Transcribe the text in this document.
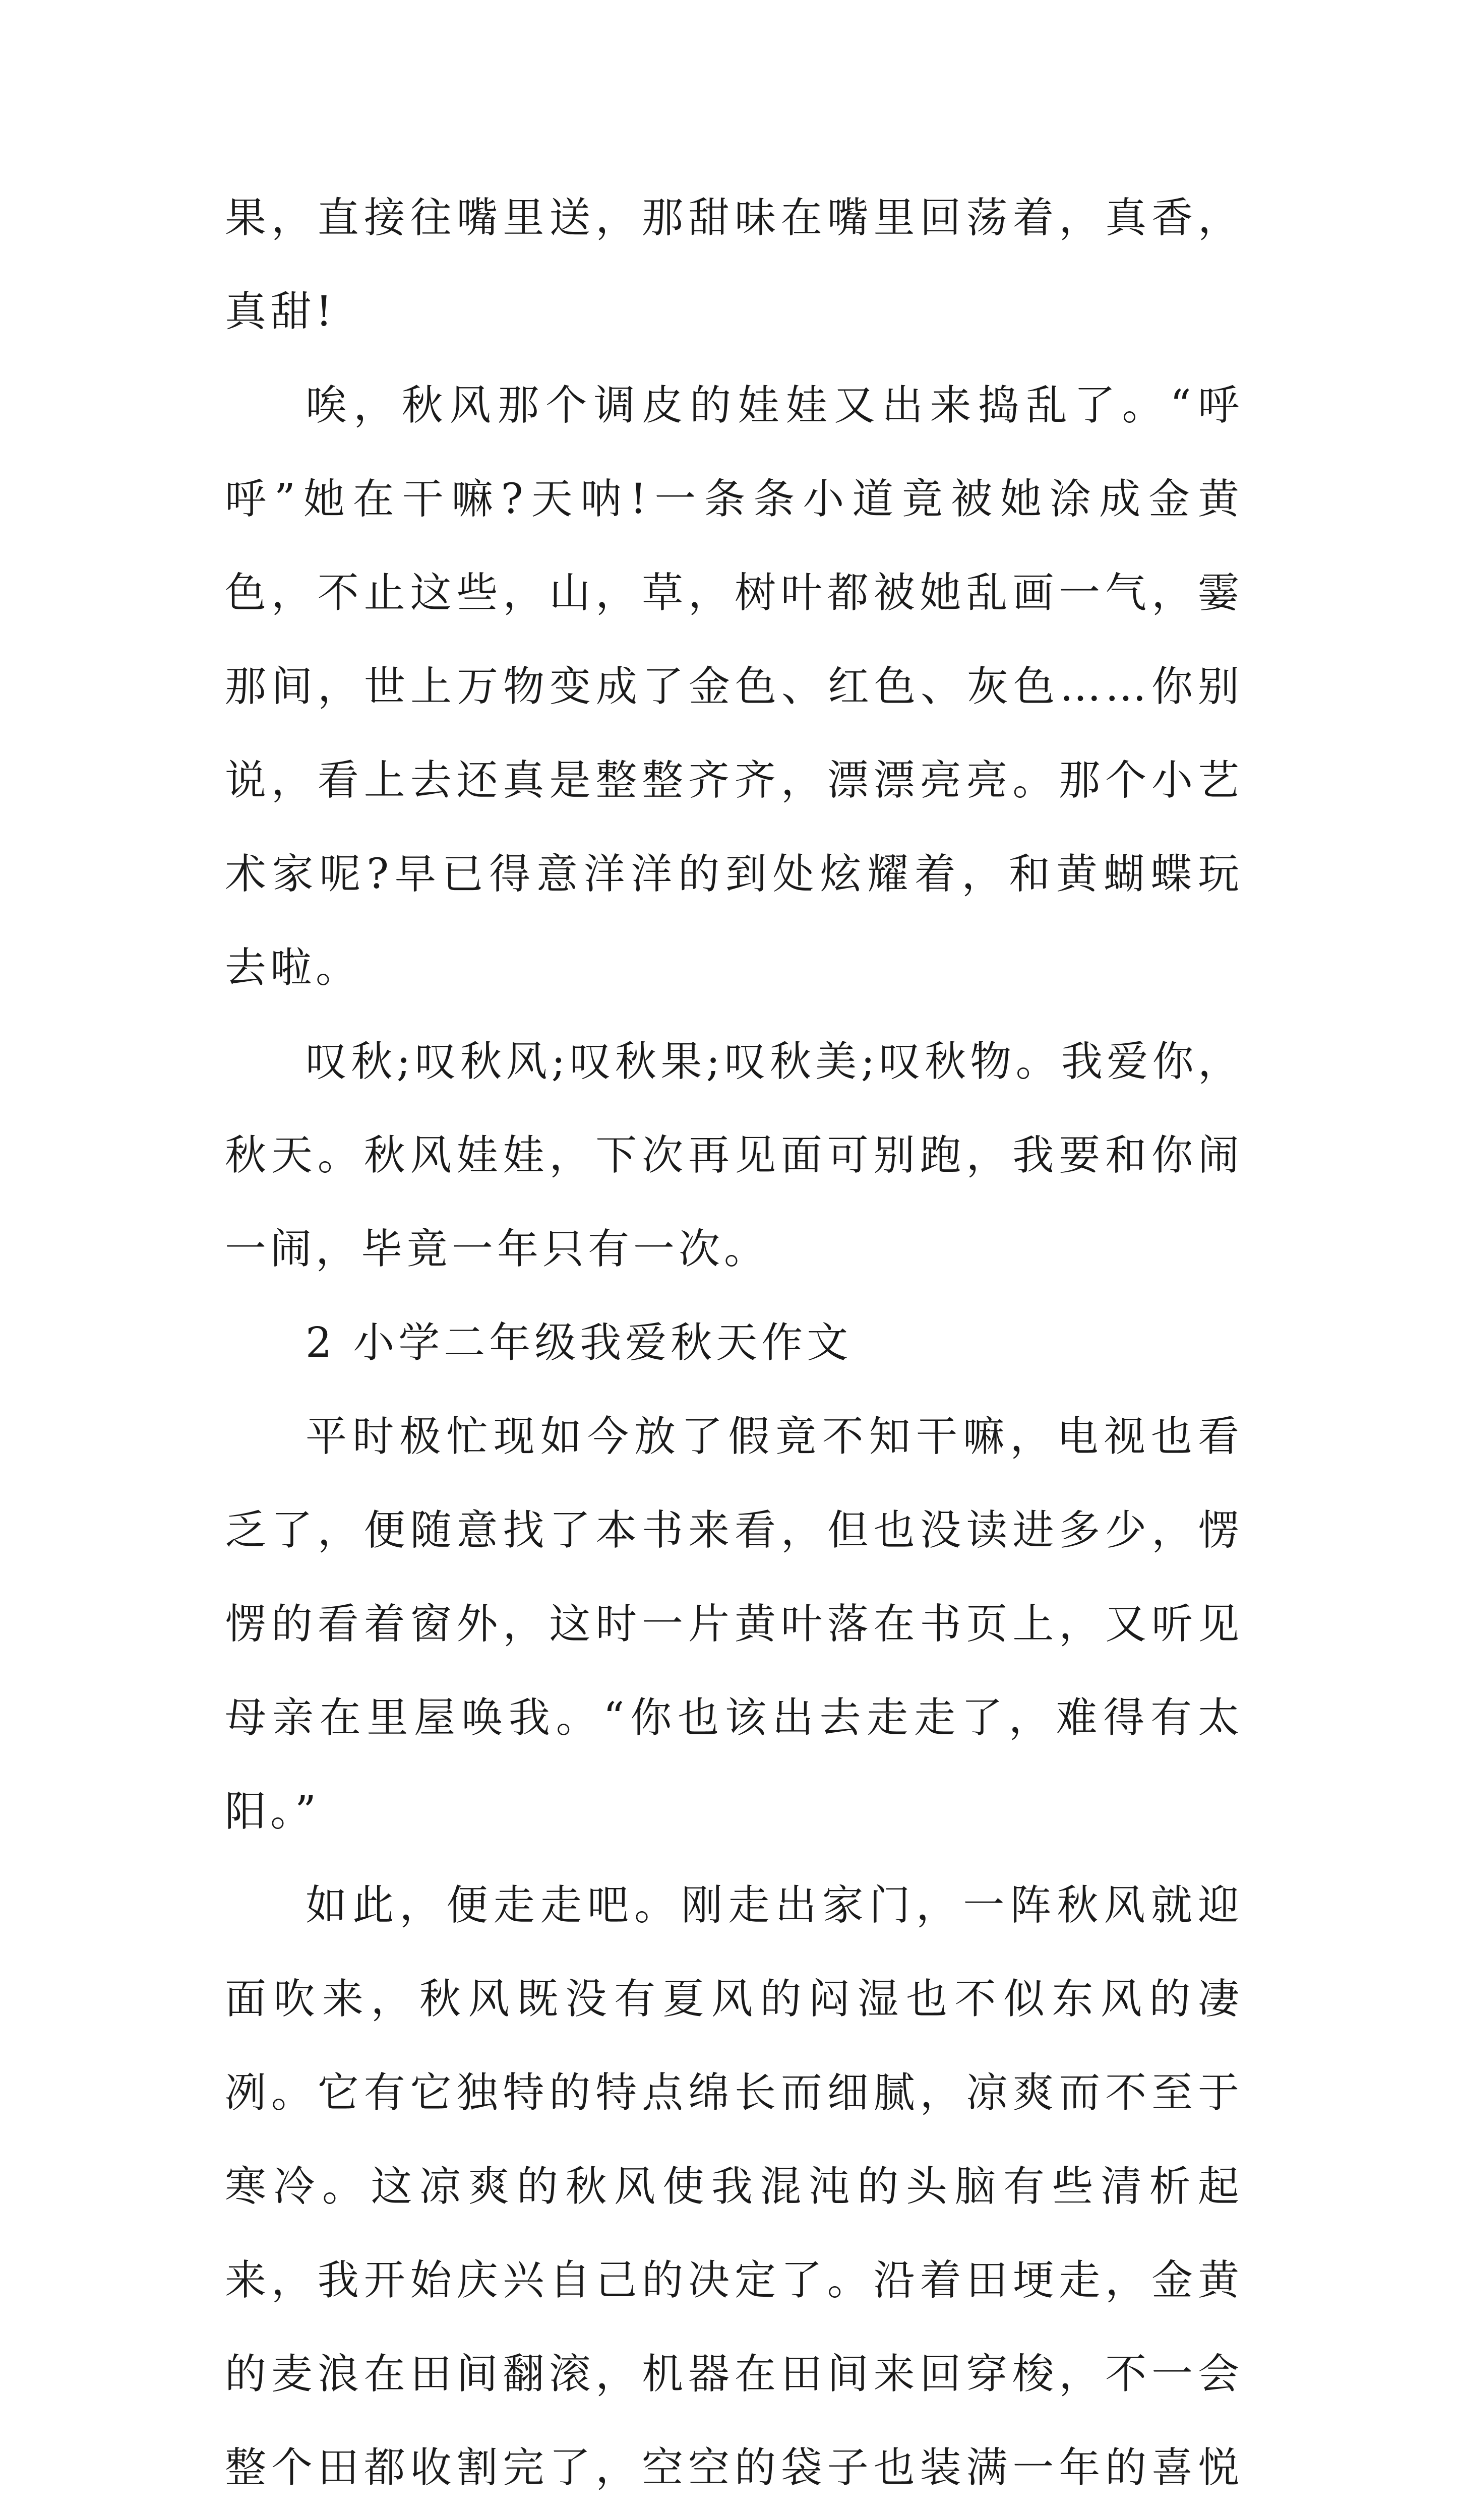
果，直接往嘴里送，那甜味在嘴里回荡着，真香，真甜!

唉，秋风那个调皮的娃娃又出来捣乱了。“呼呼”她在干嘛?天呐!一条条小道竟被她涂成金黄色，不止这些，山，草，树叶都被她乱画一气，霎那间，世上万物变成了金色、红色、灰色……你别说，看上去还真是整整齐齐，漂漂亮亮。那个小艺术家呢?早已得意洋洋的到处炫耀着，和黄蝴蝶玩去啦。

叹秋;叹秋风;叹秋果;叹秋美;叹秋物。我爱你，秋天。秋风娃娃，下次再见面可别跑，我要和你闹一闹，毕竟一年只有一次。

2 小学二年级我爱秋天作文

平时极忙现如今放了假竟不知干嘛，电视也看乏了，便随意找了本书来看，但也没读进多少，愣愣的看着窗外，这时一片黄叶落在书页上，又听见母亲在里屋唤我。“你也该出去走走了，难得有太阳。”

如此，便走走吧。刚走出家门，一阵秋风就迎面吹来，秋风既没有夏风的闷湿也不似东风的凄冽。它有它独特的特点绵长而细腻，凉爽而不至于寒冷。这凉爽的秋风使我混沌的头脑有些清析起来，我开始庆兴自己的决定了。沿着田埂走，金黄的麦浪在田间翻滚，机器在田间来回穿梭，不一会整个田都收割完了，空空的袋子也装满一年的喜悦
